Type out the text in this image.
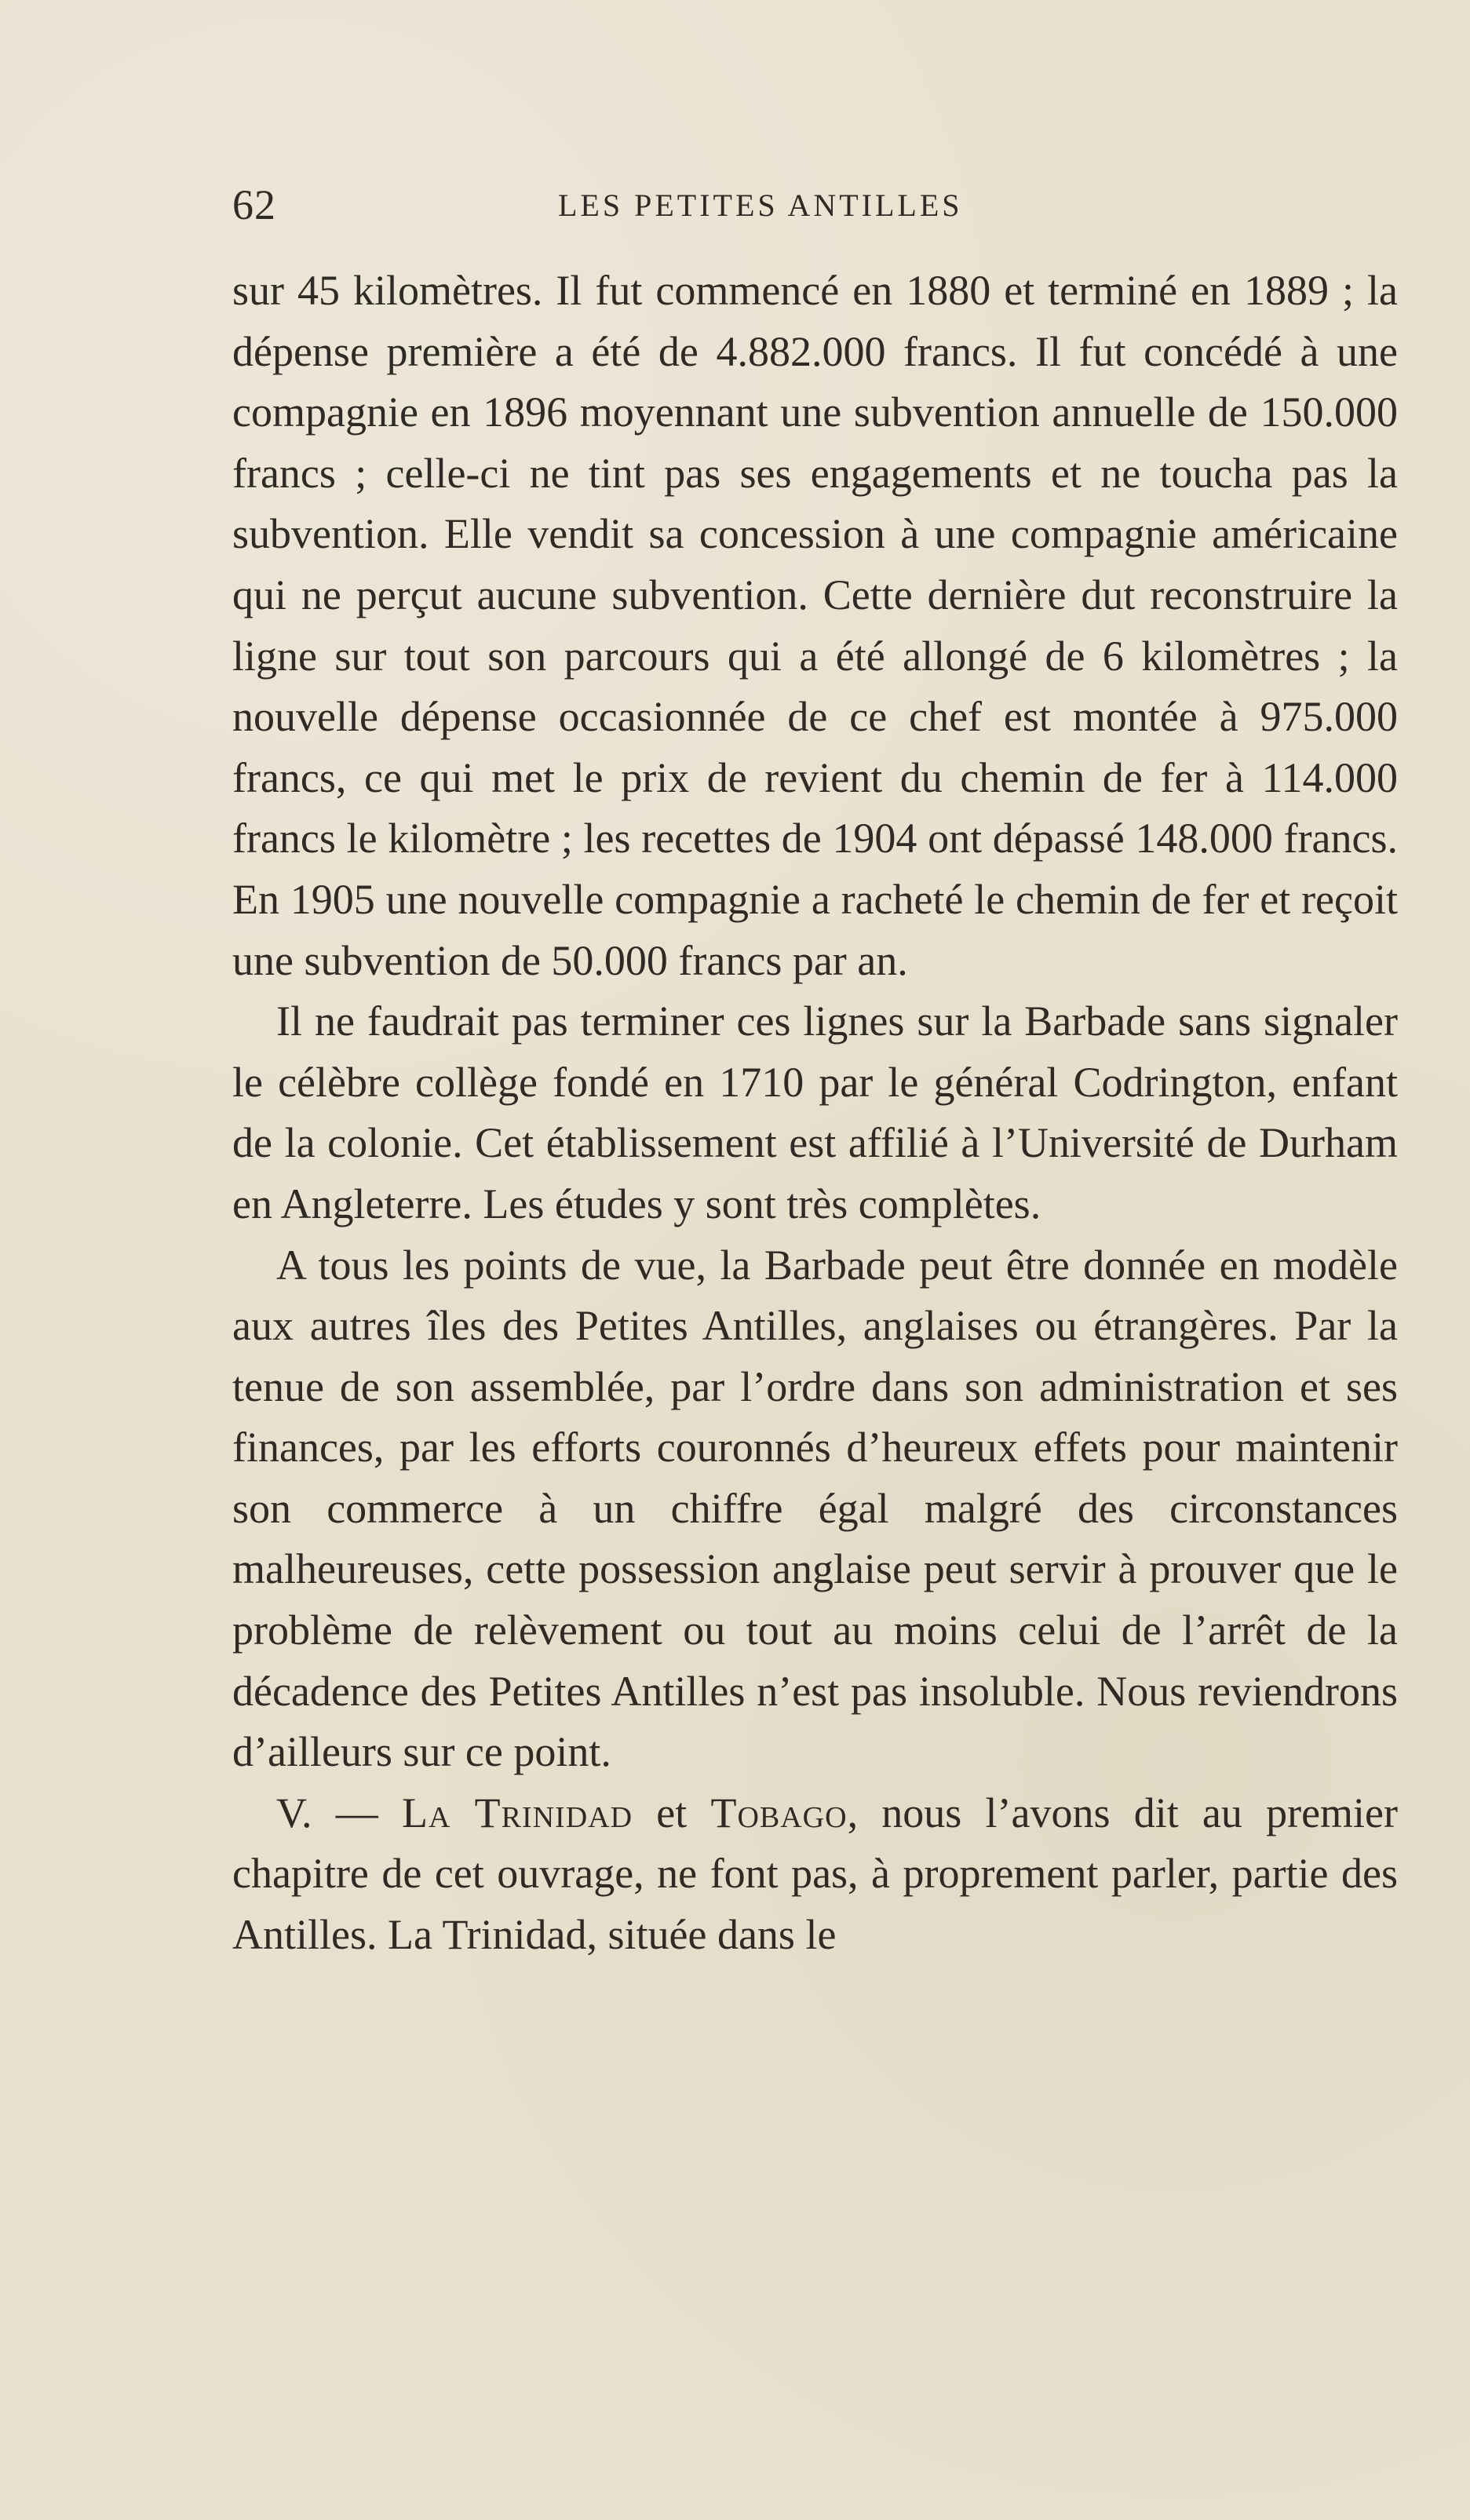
62	LES PETITES ANTILLES

sur 45 kilomètres. Il fut commencé en 1880 et terminé en 1889 ; la dépense première a été de 4.882.000 francs. Il fut concédé à une compagnie en 1896 moyennant une subvention annuelle de 150.000 francs ; celle-ci ne tint pas ses engagements et ne toucha pas la subvention. Elle vendit sa concession à une compagnie américaine qui ne perçut aucune subvention. Cette dernière dut reconstruire la ligne sur tout son parcours qui a été allongé de 6 kilomètres ; la nouvelle dépense occasionnée de ce chef est montée à 975.000 francs, ce qui met le prix de revient du chemin de fer à 114.000 francs le kilomètre ; les recettes de 1904 ont dépassé 148.000 francs. En 1905 une nouvelle compagnie a racheté le chemin de fer et reçoit une subvention de 50.000 francs par an.

Il ne faudrait pas terminer ces lignes sur la Barbade sans signaler le célèbre collège fondé en 1710 par le général Codrington, enfant de la colonie. Cet établissement est affilié à l’Université de Durham en Angleterre. Les études y sont très complètes.

A tous les points de vue, la Barbade peut être donnée en modèle aux autres îles des Petites Antilles, anglaises ou étrangères. Par la tenue de son assemblée, par l’ordre dans son administration et ses finances, par les efforts couronnés d’heureux effets pour maintenir son commerce à un chiffre égal malgré des circonstances malheureuses, cette possession anglaise peut servir à prouver que le problème de relèvement ou tout au moins celui de l’arrêt de la décadence des Petites Antilles n’est pas insoluble. Nous reviendrons d’ailleurs sur ce point.

V. — La Trinidad et Tobago, nous l’avons dit au premier chapitre de cet ouvrage, ne font pas, à proprement parler, partie des Antilles. La Trinidad, située dans le
